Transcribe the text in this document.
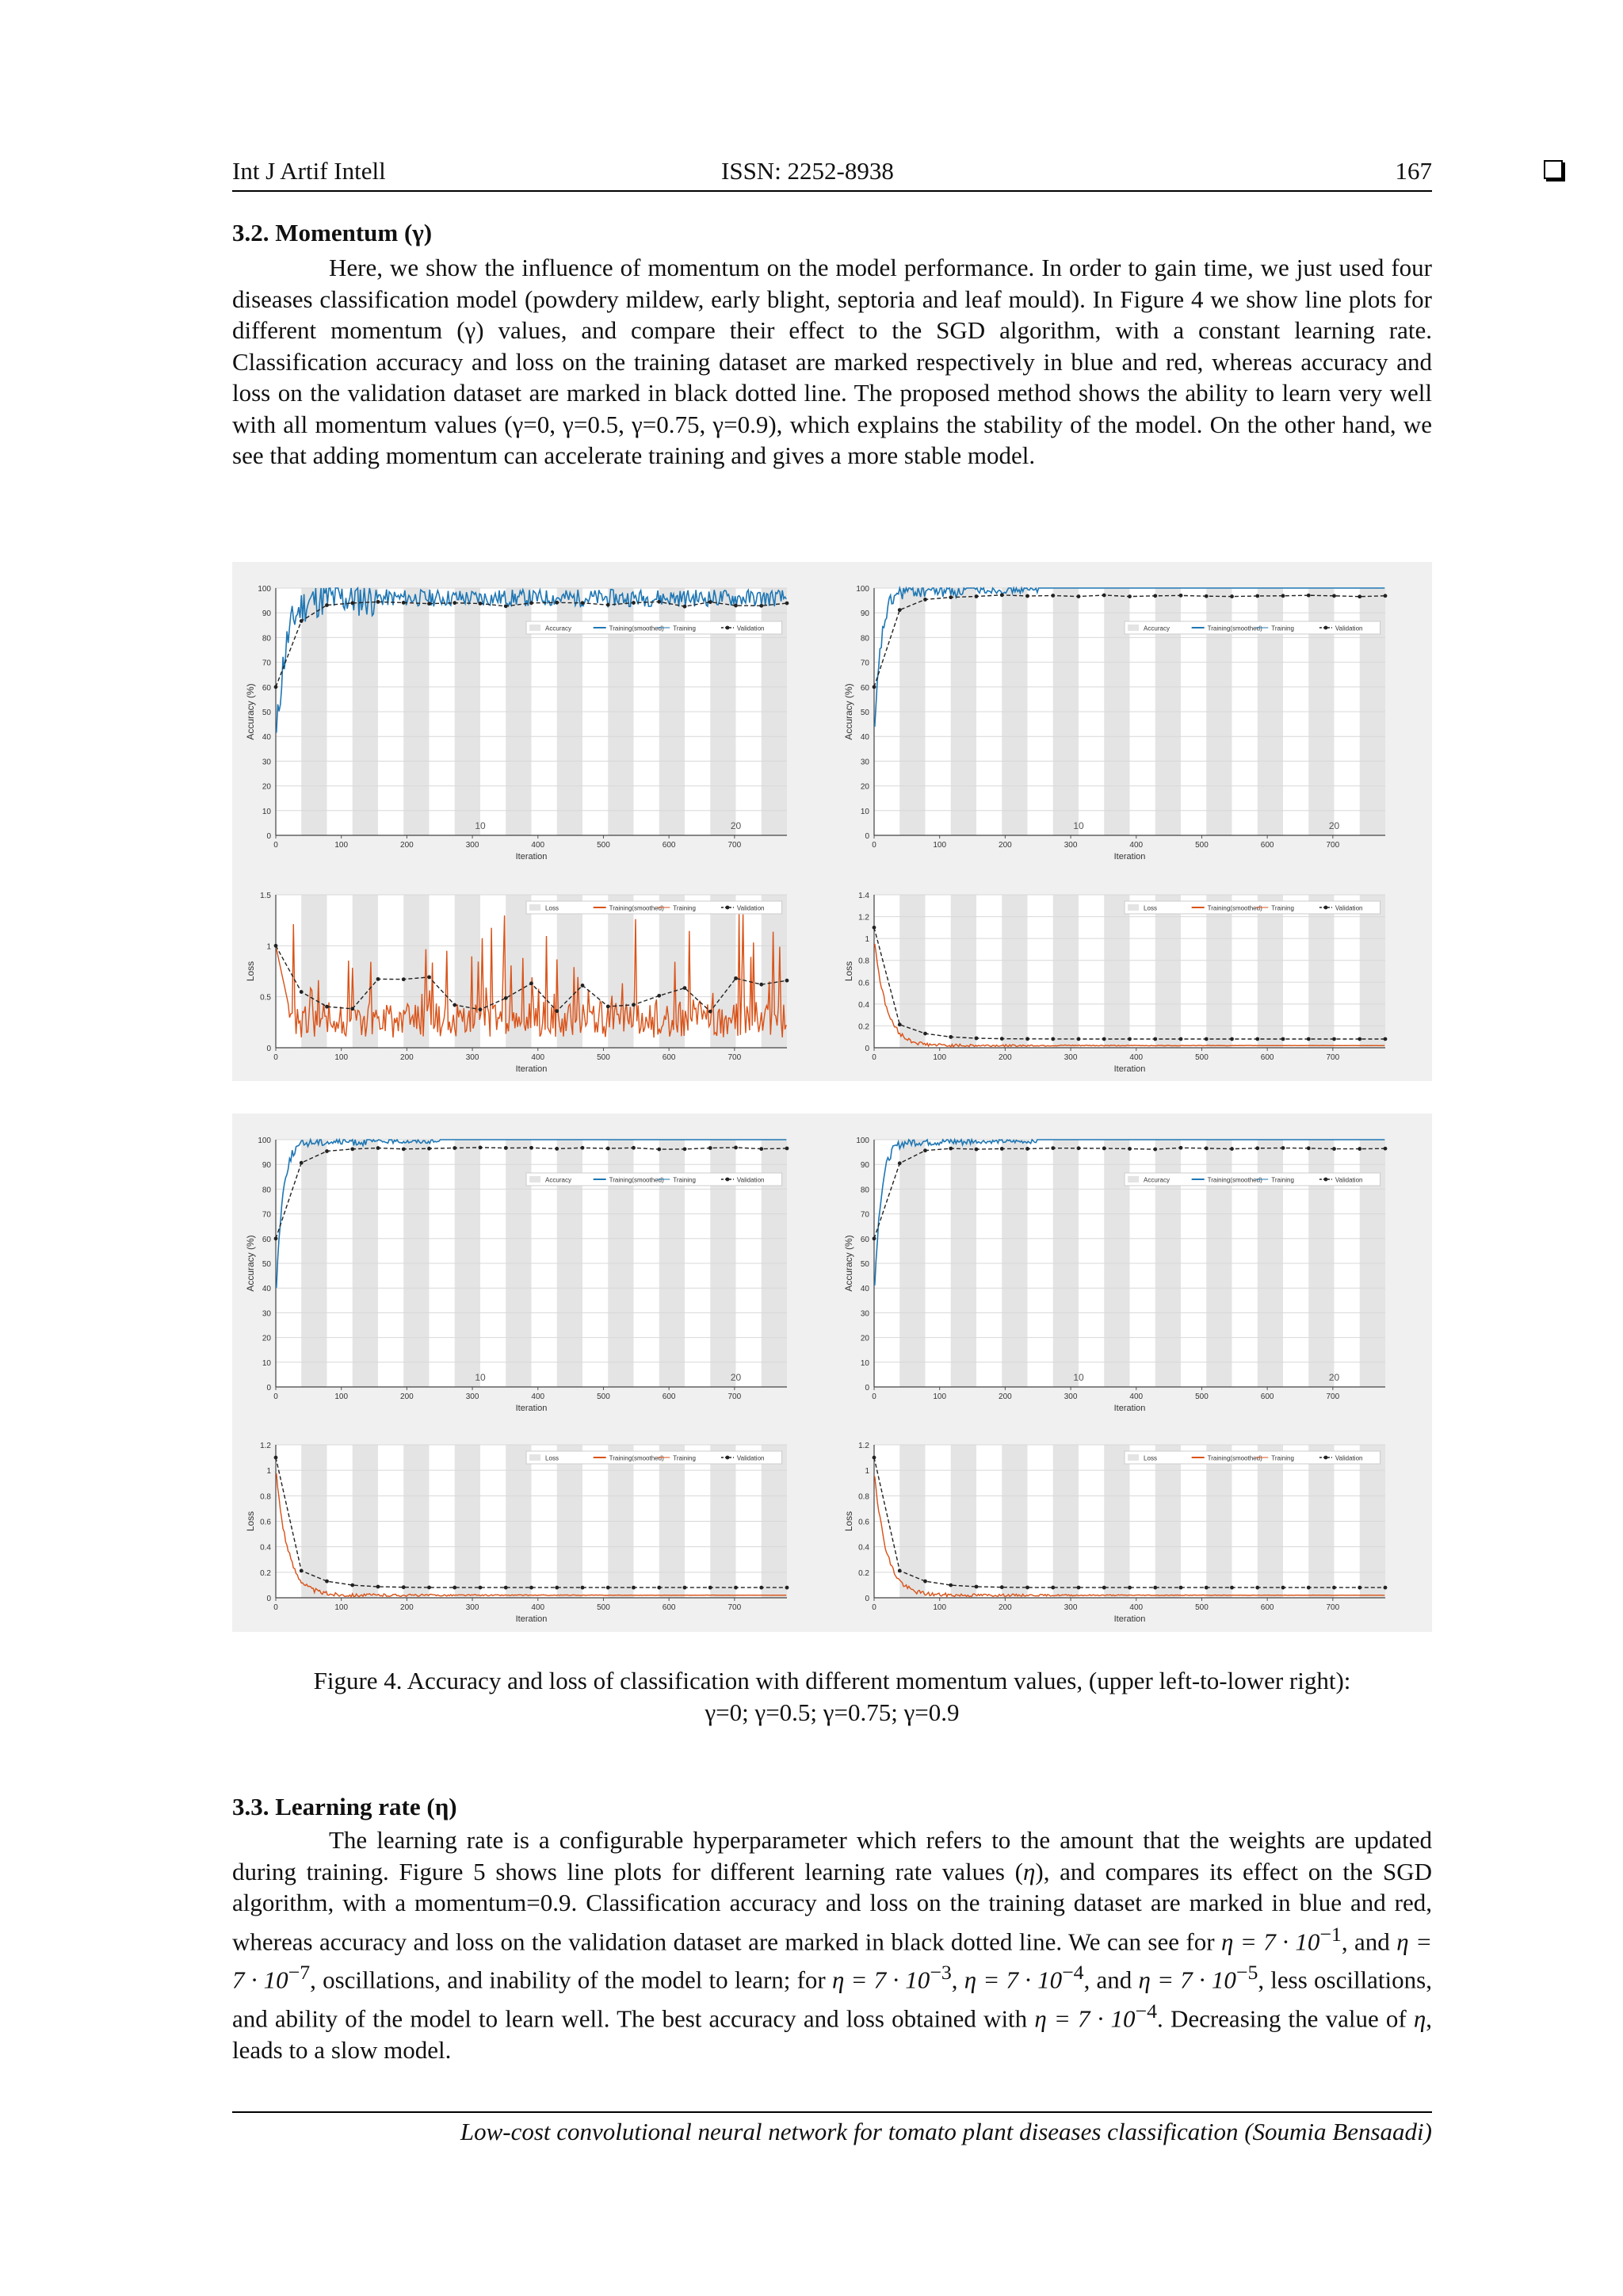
Int J Artif Intell	ISSN: 2252-8938	167
3.2. Momentum (γ)

Here, we show the influence of momentum on the model performance. In order to gain time, we just used four diseases classification model (powdery mildew, early blight, septoria and leaf mould). In Figure 4 we show line plots for different momentum (γ) values, and compare their effect to the SGD algorithm, with a constant learning rate. Classification accuracy and loss on the training dataset are marked respectively in blue and red, whereas accuracy and loss on the validation dataset are marked in black dotted line. The proposed method shows the ability to learn very well with all momentum values (γ=0, γ=0.5, γ=0.75, γ=0.9), which explains the stability of the model. On the other hand, we see that adding momentum can accelerate training and gives a more stable model.

0
10
20
30
40
50
60
70
80
90
100
0	100	200	300	400	500	600	700
Iteration
Accuracy (%)
10	20
Accuracy	Training(smoothed) Training	Validation
0
0.5
1
1.5
0	100	200	300	400	500	600	700
Iteration
Loss
Loss	Training(smoothed) Training	Validation
0
10
20
30
40
50
60
70
80
90
100
0	100	200	300	400	500	600	700
Iteration
Accuracy (%)
10	20
Accuracy	Training(smoothed) Training	Validation
0
0.2
0.4
0.6
0.8
1
1.2
1.4
0	100	200	300	400	500	600	700
Iteration
Loss
Loss	Training(smoothed) Training	Validation
0
10
20
30
40
50
60
70
80
90
100
0	100	200	300	400	500	600	700
Iteration
Accuracy (%)
10	20
Accuracy	Training(smoothed) Training	Validation
0
0.2
0.4
0.6
0.8
1
1.2
0	100	200	300	400	500	600	700
Iteration
Loss
Loss	Training(smoothed) Training	Validation
0
10
20
30
40
50
60
70
80
90
100
0	100	200	300	400	500	600	700
Iteration
Accuracy (%)
10	20
Accuracy	Training(smoothed) Training	Validation
0
0.2
0.4
0.6
0.8
1
1.2
0	100	200	300	400	500	600	700
Iteration
Loss
Loss	Training(smoothed) Training	Validation
Figure 4. Accuracy and loss of classification with different momentum values, (upper left-to-lower right):
γ=0; γ=0.5; γ=0.75; γ=0.9
3.3. Learning rate (η)

The learning rate is a configurable hyperparameter which refers to the amount that the weights are updated during training. Figure 5 shows line plots for different learning rate values (η), and compares its effect on the SGD algorithm, with a momentum=0.9. Classification accuracy and loss on the training dataset are marked in blue and red, whereas accuracy and loss on the validation dataset are marked in black dotted line. We can see for $\eta = 7 \cdot 10^{-1}$, and $\eta = 7 \cdot 10^{-7}$, oscillations, and inability of the model to learn; for $\eta = 7 \cdot 10^{-3}$, $\eta = 7 \cdot 10^{-4}$, and $\eta = 7 \cdot 10^{-5}$, less oscillations, and ability of the model to learn well. The best accuracy and loss obtained with $\eta = 7 \cdot 10^{-4}$. Decreasing the value of η, leads to a slow model.

Low-cost convolutional neural network for tomato plant diseases classification (Soumia Bensaadi)
